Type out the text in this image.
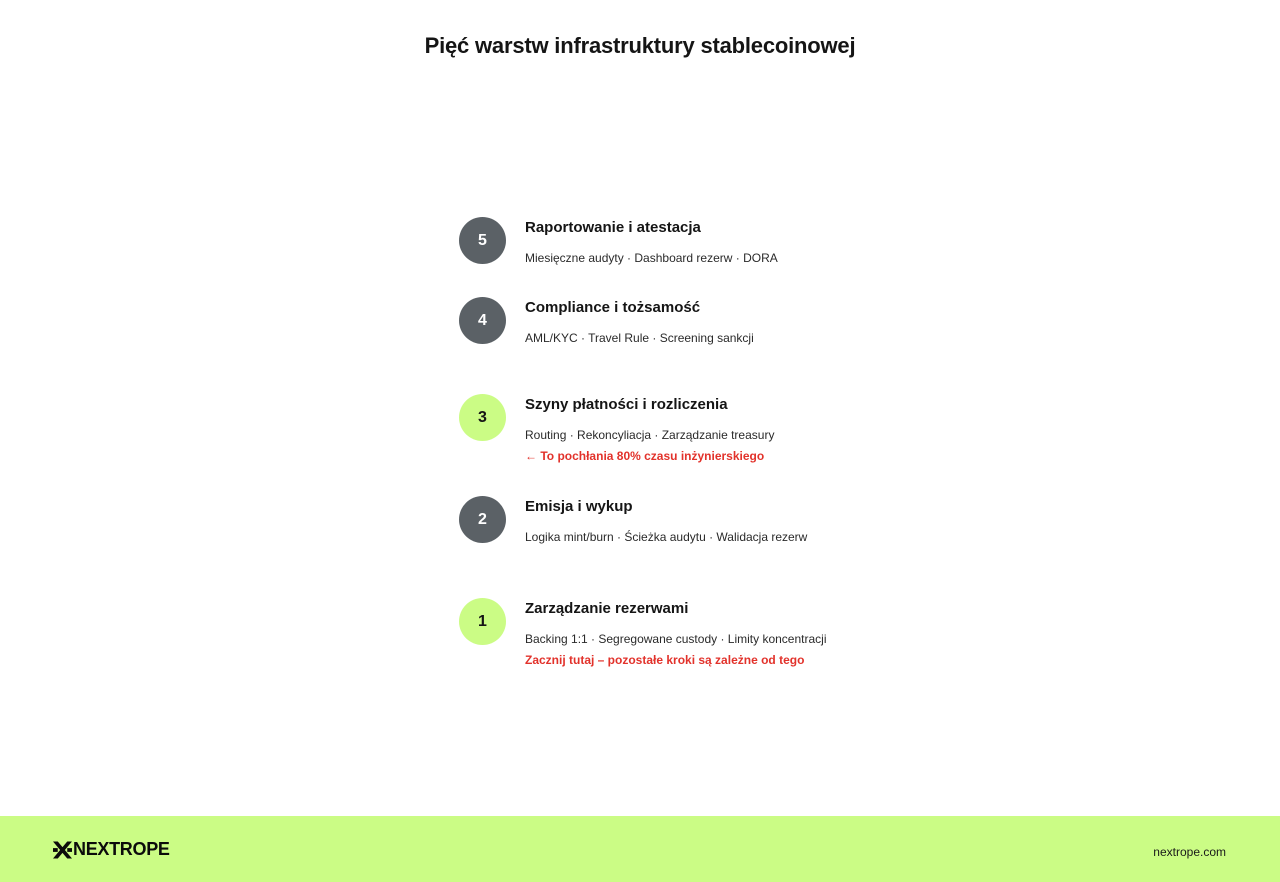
Pięć warstw infrastruktury stablecoinowej
5
Raportowanie i atestacja
Miesięczne audyty · Dashboard rezerw · DORA
4
Compliance i tożsamość
AML/KYC · Travel Rule · Screening sankcji
3
Szyny płatności i rozliczenia
Routing · Rekoncyliacja · Zarządzanie treasury
← To pochłania 80% czasu inżynierskiego
2
Emisja i wykup
Logika mint/burn · Ścieżka audytu · Walidacja rezerw
1
Zarządzanie rezerwami
Backing 1:1 · Segregowane custody · Limity koncentracji
Zacznij tutaj – pozostałe kroki są zależne od tego
NEXTROPE	nextrope.com
